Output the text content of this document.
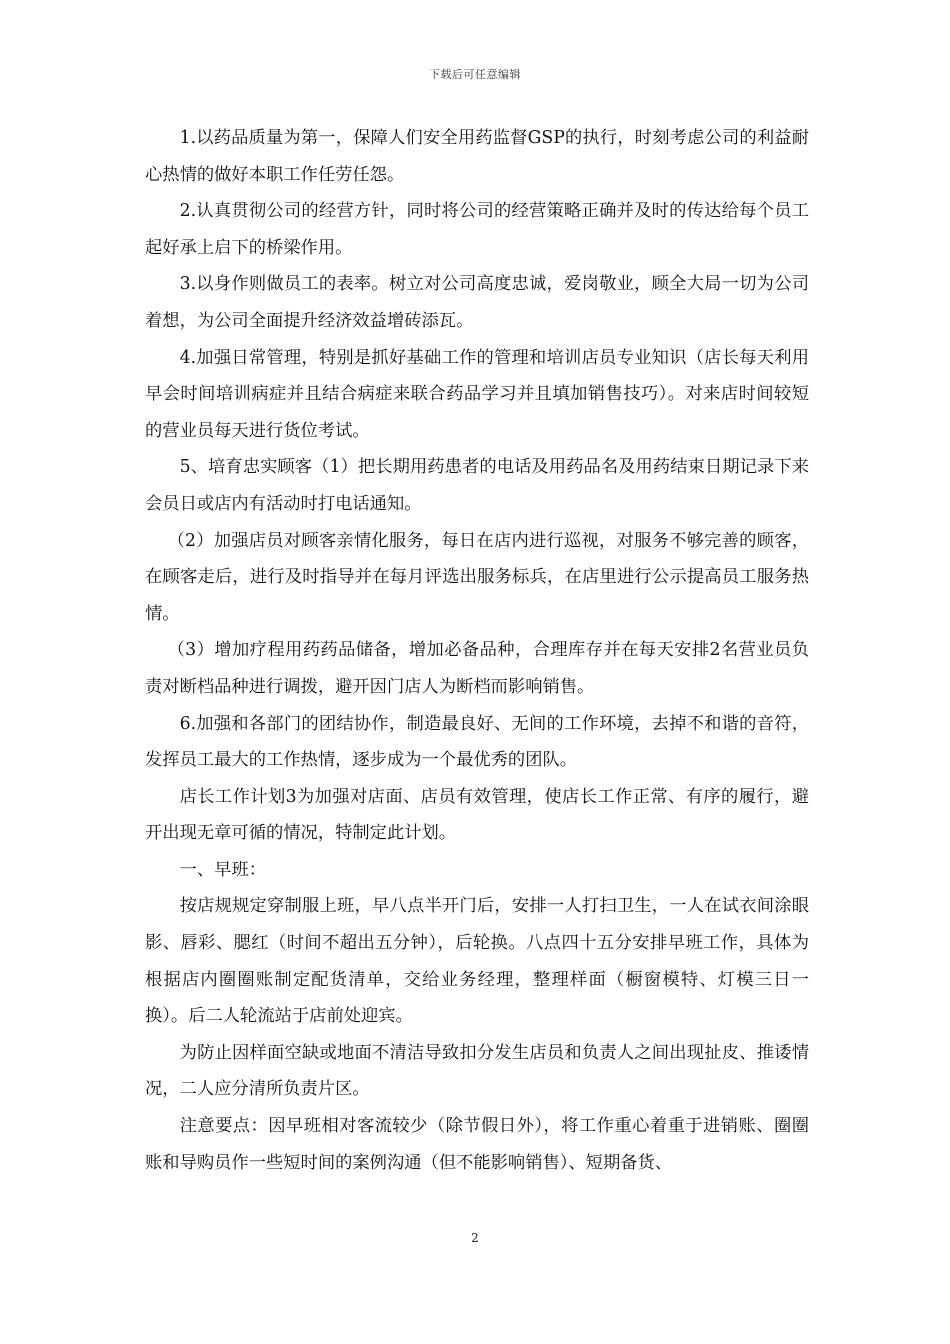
下载后可任意编辑

1.以药品质量为第一，保障人们安全用药监督GSP的执行，时刻考虑公司的利益耐心热情的做好本职工作任劳任怨。

2.认真贯彻公司的经营方针，同时将公司的经营策略正确并及时的传达给每个员工起好承上启下的桥梁作用。

3.以身作则做员工的表率。树立对公司高度忠诚，爱岗敬业，顾全大局一切为公司着想，为公司全面提升经济效益增砖添瓦。

4.加强日常管理，特别是抓好基础工作的管理和培训店员专业知识（店长每天利用早会时间培训病症并且结合病症来联合药品学习并且填加销售技巧）。对来店时间较短的营业员每天进行货位考试。

5、培育忠实顾客（1）把长期用药患者的电话及用药品名及用药结束日期记录下来会员日或店内有活动时打电话通知。

（2）加强店员对顾客亲情化服务，每日在店内进行巡视，对服务不够完善的顾客，在顾客走后，进行及时指导并在每月评选出服务标兵，在店里进行公示提高员工服务热情。

（3）增加疗程用药药品储备，增加必备品种，合理库存并在每天安排2名营业员负责对断档品种进行调拨，避开因门店人为断档而影响销售。

6.加强和各部门的团结协作，制造最良好、无间的工作环境，去掉不和谐的音符，发挥员工最大的工作热情，逐步成为一个最优秀的团队。

店长工作计划3为加强对店面、店员有效管理，使店长工作正常、有序的履行，避开出现无章可循的情况，特制定此计划。

一、早班：

按店规规定穿制服上班，早八点半开门后，安排一人打扫卫生，一人在试衣间涂眼影、唇彩、腮红（时间不超出五分钟），后轮换。八点四十五分安排早班工作，具体为根据店内圈圈账制定配货清单，交给业务经理，整理样面（橱窗模特、灯模三日一换）。后二人轮流站于店前处迎宾。

为防止因样面空缺或地面不清洁导致扣分发生店员和负责人之间出现扯皮、推诿情况，二人应分清所负责片区。

注意要点：因早班相对客流较少（除节假日外），将工作重心着重于进销账、圈圈账和导购员作一些短时间的案例沟通（但不能影响销售）、短期备货、

2
